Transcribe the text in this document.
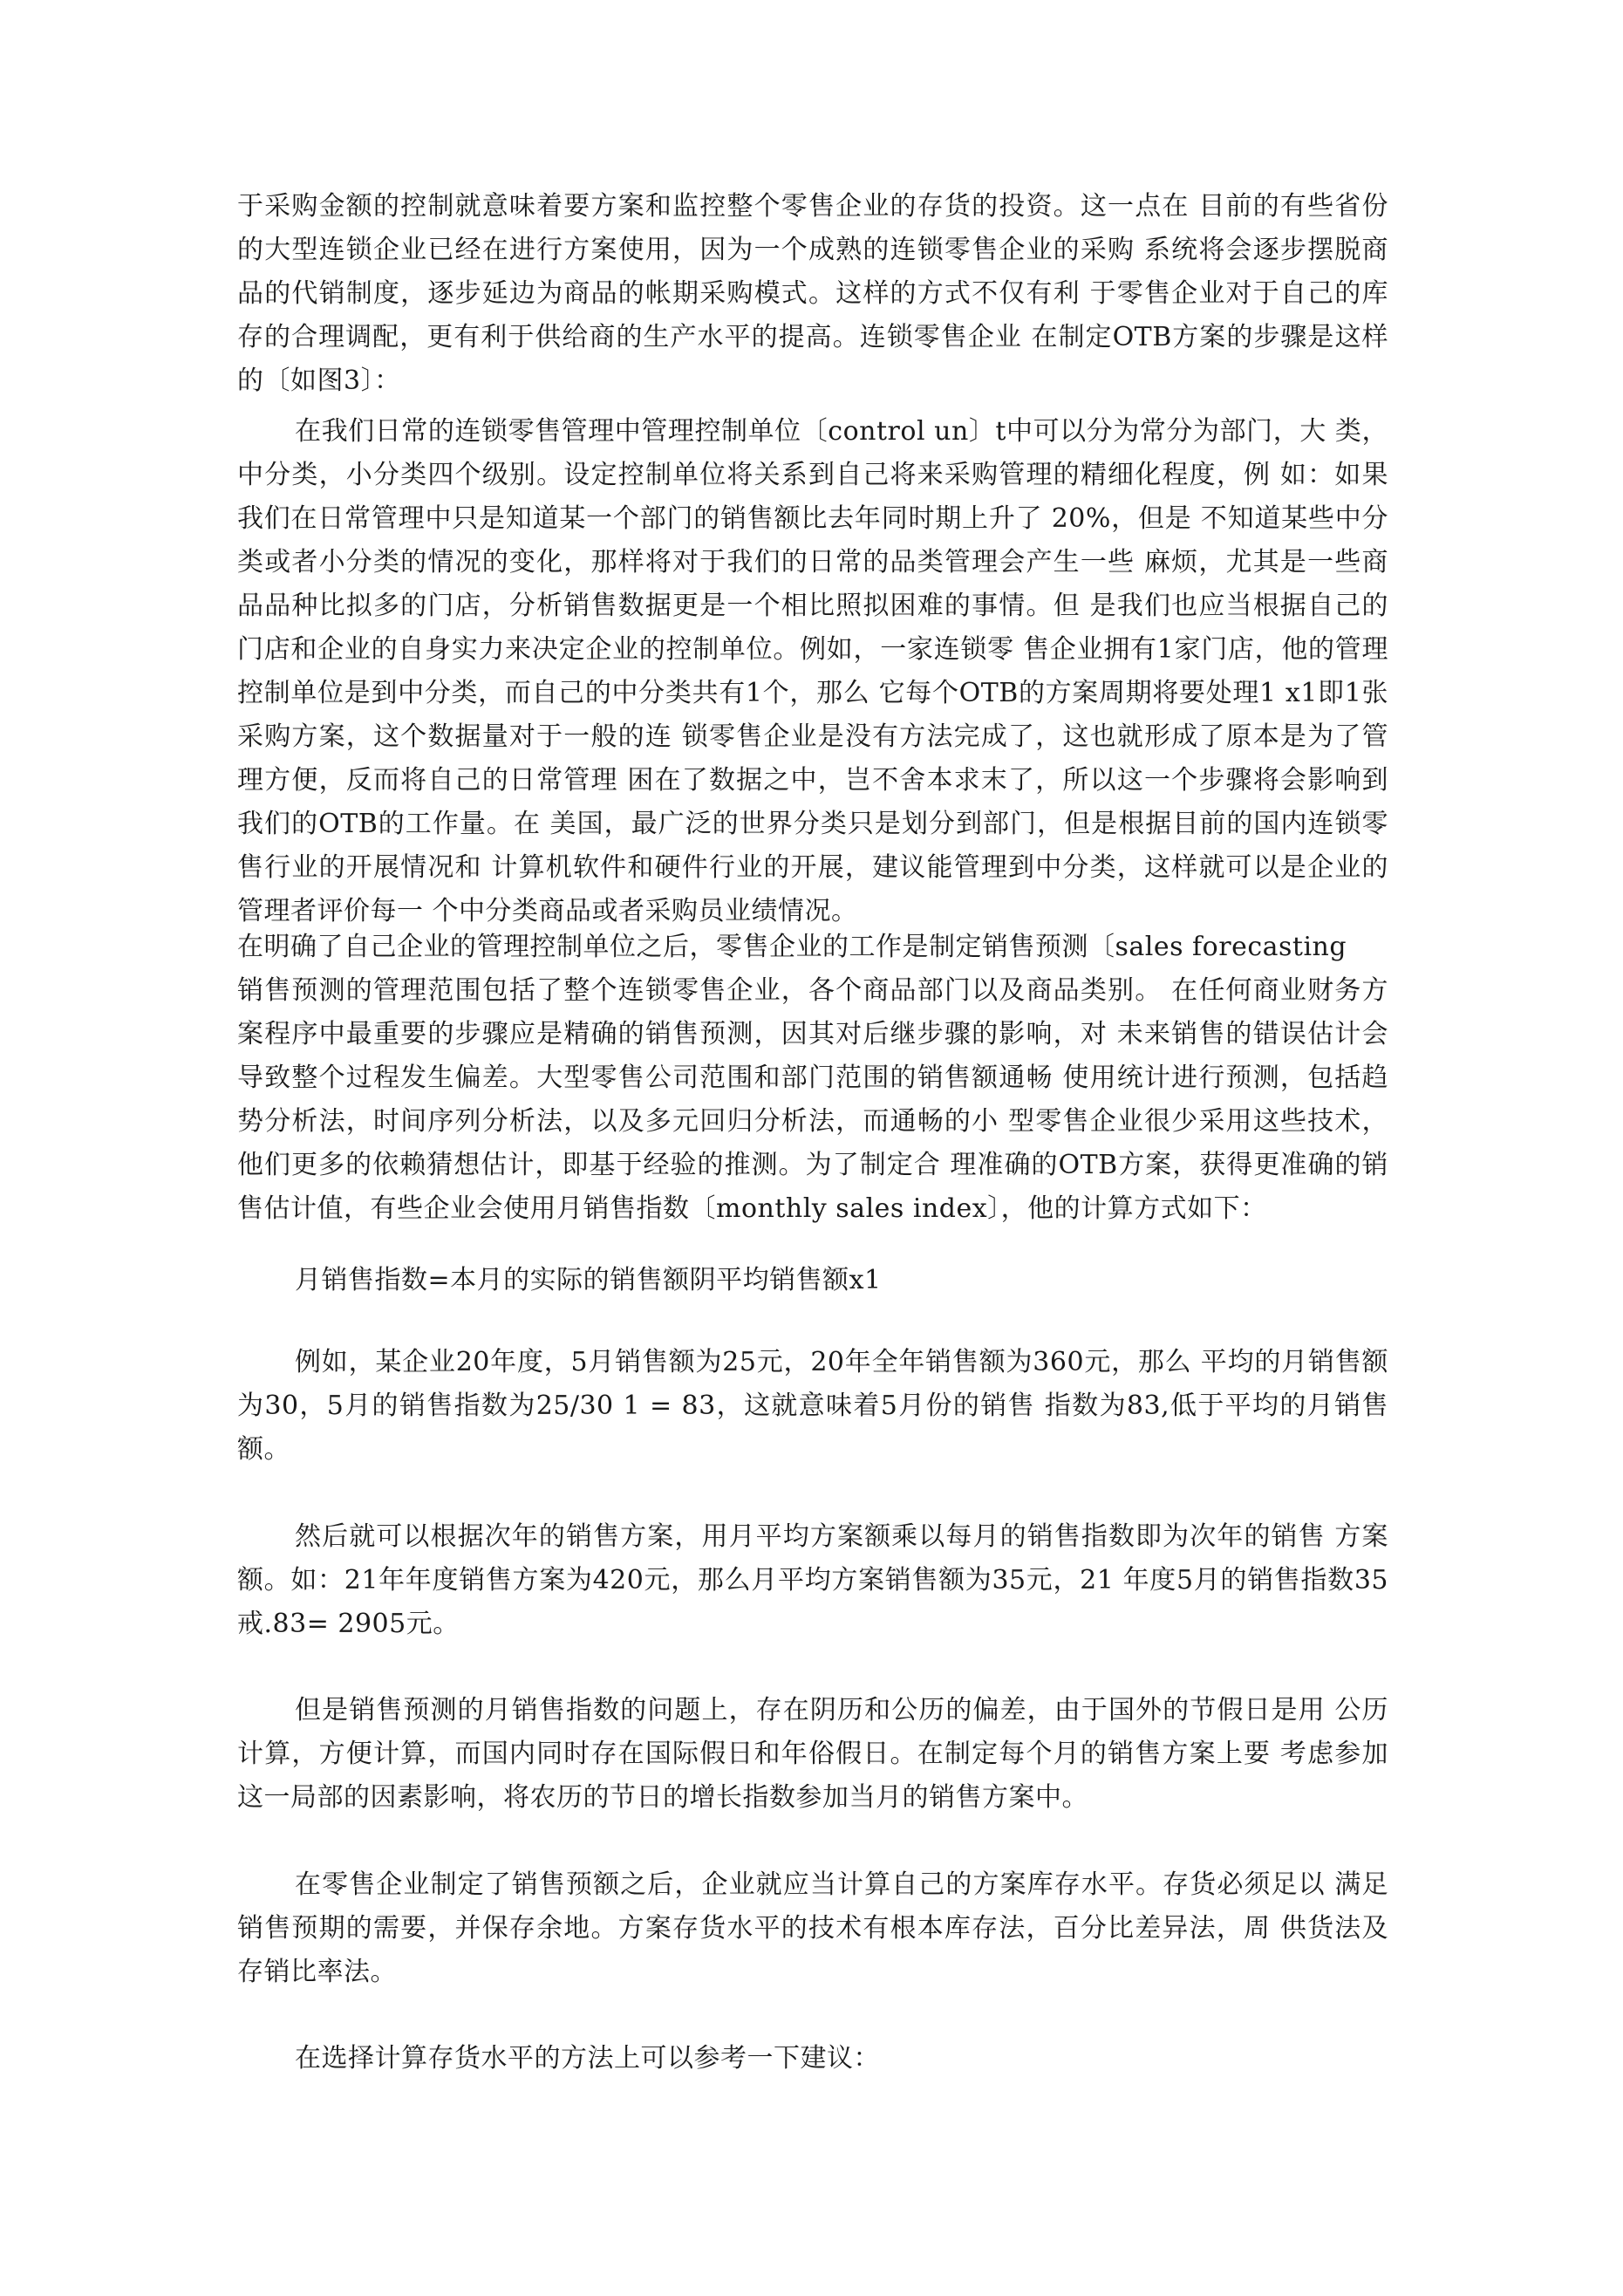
于采购金额的控制就意味着要方案和监控整个零售企业的存货的投资。这一点在 目前的有些省份的大型连锁企业已经在进行方案使用，因为一个成熟的连锁零售企业的采购 系统将会逐步摆脱商品的代销制度，逐步延边为商品的帐期采购模式。这样的方式不仅有利 于零售企业对于自己的库存的合理调配，更有利于供给商的生产水平的提高。连锁零售企业 在制定OTB方案的步骤是这样的〔如图3〕：

在我们日常的连锁零售管理中管理控制单位〔control un〕t中可以分为常分为部门，大 类，中分类，小分类四个级别。设定控制单位将关系到自己将来采购管理的精细化程度，例 如：如果我们在日常管理中只是知道某一个部门的销售额比去年同时期上升了 20%，但是 不知道某些中分类或者小分类的情况的变化，那样将对于我们的日常的品类管理会产生一些 麻烦，尤其是一些商品品种比拟多的门店，分析销售数据更是一个相比照拟困难的事情。但 是我们也应当根据自己的门店和企业的自身实力来决定企业的控制单位。例如，一家连锁零 售企业拥有1家门店，他的管理控制单位是到中分类，而自己的中分类共有1个，那么 它每个OTB的方案周期将要处理1 x1即1张采购方案，这个数据量对于一般的连 锁零售企业是没有方法完成了，这也就形成了原本是为了管理方便，反而将自己的日常管理 困在了数据之中，岂不舍本求末了，所以这一个步骤将会影响到我们的OTB的工作量。在 美国，最广泛的世界分类只是划分到部门，但是根据目前的国内连锁零售行业的开展情况和 计算机软件和硬件行业的开展，建议能管理到中分类，这样就可以是企业的管理者评价每一 个中分类商品或者采购员业绩情况。

在明确了自己企业的管理控制单位之后，零售企业的工作是制定销售预测〔sales forecasting

销售预测的管理范围包括了整个连锁零售企业，各个商品部门以及商品类别。 在任何商业财务方案程序中最重要的步骤应是精确的销售预测，因其对后继步骤的影响，对 未来销售的错误估计会导致整个过程发生偏差。大型零售公司范围和部门范围的销售额通畅 使用统计进行预测，包括趋势分析法，时间序列分析法，以及多元回归分析法，而通畅的小 型零售企业很少采用这些技术，他们更多的依赖猜想估计，即基于经验的推测。为了制定合 理准确的OTB方案，获得更准确的销售估计值，有些企业会使用月销售指数〔monthly sales index〕，他的计算方式如下：

月销售指数=本月的实际的销售额阴平均销售额x1

例如，某企业20年度，5月销售额为25元，20年全年销售额为360元，那么 平均的月销售额为30，5月的销售指数为25/30 1 = 83，这就意味着5月份的销售 指数为83,低于平均的月销售额。

然后就可以根据次年的销售方案，用月平均方案额乘以每月的销售指数即为次年的销售 方案额。如：21年年度销售方案为420元，那么月平均方案销售额为35元，21 年度5月的销售指数35戒.83= 2905元。

但是销售预测的月销售指数的问题上，存在阴历和公历的偏差，由于国外的节假日是用 公历计算，方便计算，而国内同时存在国际假日和年俗假日。在制定每个月的销售方案上要 考虑参加这一局部的因素影响，将农历的节日的增长指数参加当月的销售方案中。

在零售企业制定了销售预额之后，企业就应当计算自己的方案库存水平。存货必须足以 满足销售预期的需要，并保存余地。方案存货水平的技术有根本库存法，百分比差异法，周 供货法及存销比率法。

在选择计算存货水平的方法上可以参考一下建议：
